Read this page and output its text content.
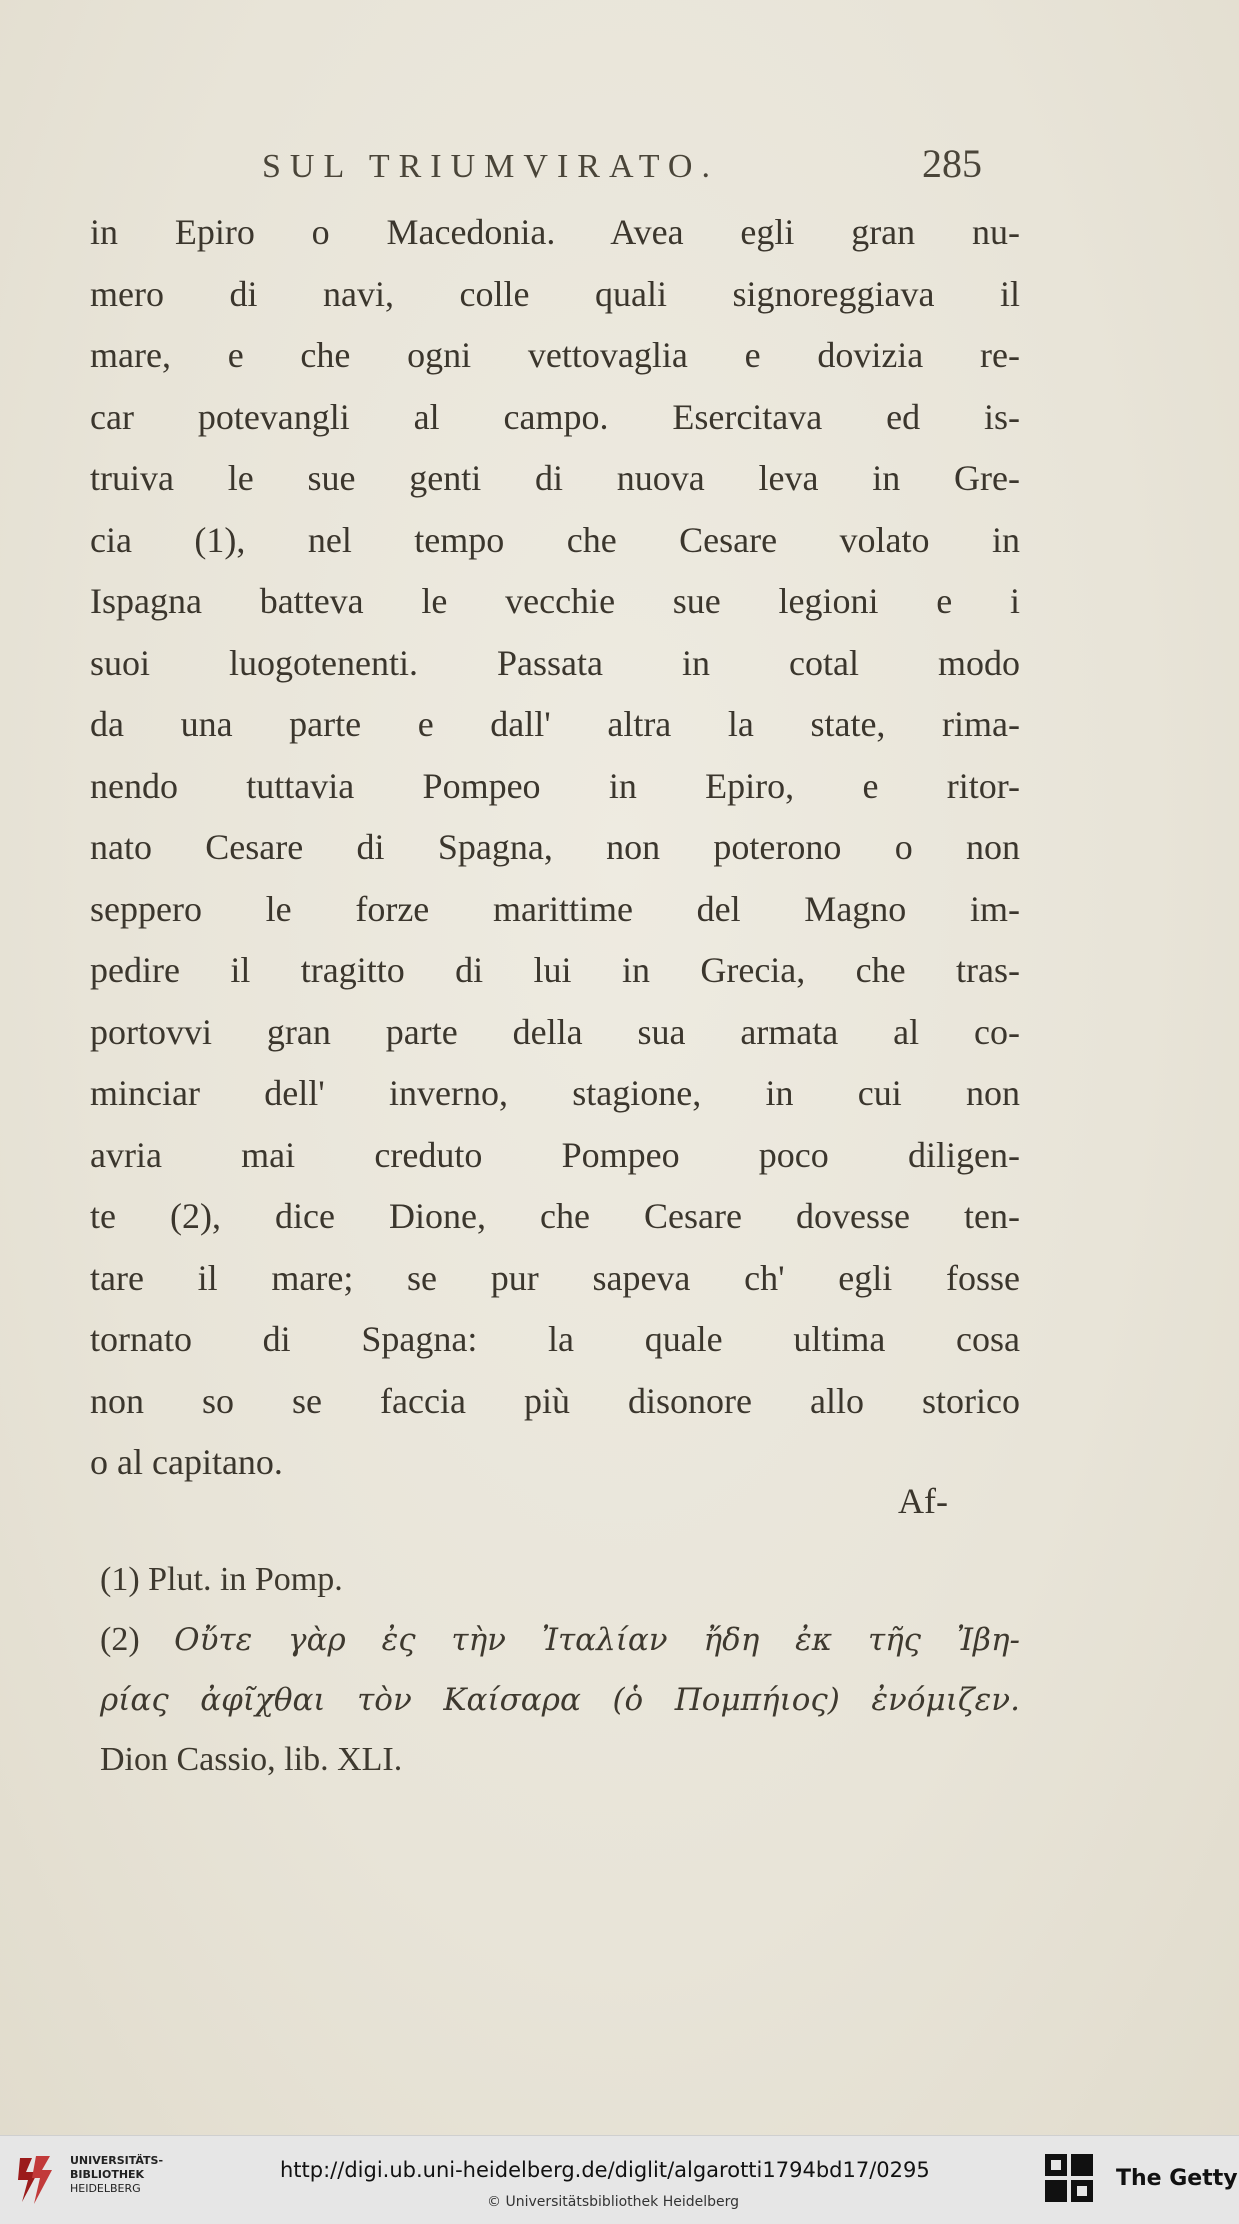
SUL TRIUMVIRATO.	285
in Epiro o Macedonia. Avea egli gran nu-
mero di navi, colle quali signoreggiava il
mare, e che ogni vettovaglia e dovizia re-
car potevangli al campo. Esercitava ed is-
truiva le sue genti di nuova leva in Gre-
cia (1), nel tempo che Cesare volato in
Ispagna batteva le vecchie sue legioni e i
suoi luogotenenti. Passata in cotal modo
da una parte e dall' altra la state, rima-
nendo tuttavia Pompeo in Epiro, e ritor-
nato Cesare di Spagna, non poterono o non
seppero le forze marittime del Magno im-
pedire il tragitto di lui in Grecia, che tras-
portovvi gran parte della sua armata al co-
minciar dell' inverno, stagione, in cui non
avria mai creduto Pompeo poco diligen-
te (2), dice Dione, che Cesare dovesse ten-
tare il mare; se pur sapeva ch' egli fosse
tornato di Spagna: la quale ultima cosa
non so se faccia più disonore allo storico
o al capitano.
Af-
(1) Plut. in Pomp.
(2) Οὔτε γὰρ ἐς τὴν Ἰταλίαν ἤδη ἐκ τῆς Ἰβη-
ρίας ἀφῖχθαι τὸν Καίσαρα (ὁ Πομπήιος) ἐνόμιζεν.
Dion Cassio, lib. XLI.
UNIVERSITÄTS-
BIBLIOTHEK
HEIDELBERG
http://digi.ub.uni-heidelberg.de/diglit/algarotti1794bd17/0295
© Universitätsbibliothek Heidelberg
The Getty
